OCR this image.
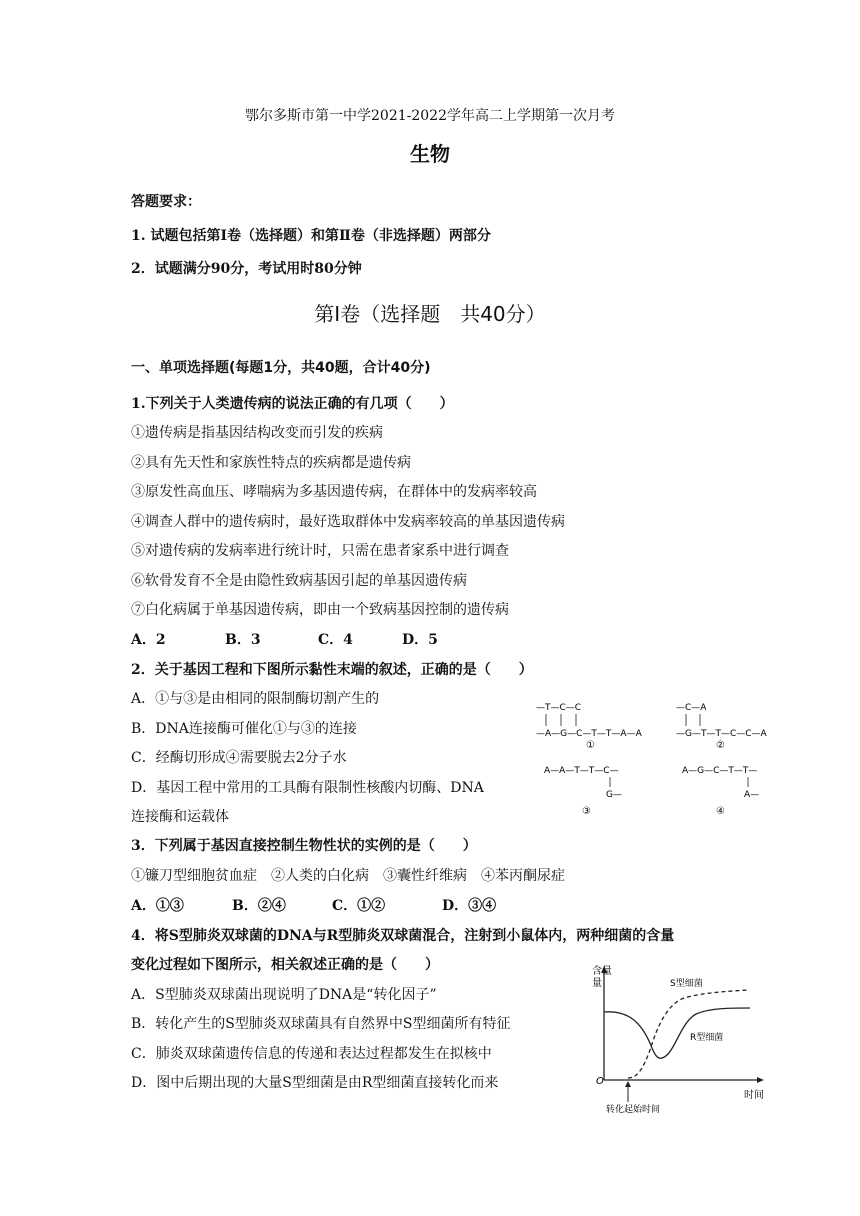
鄂尔多斯市第一中学2021-2022学年高二上学期第一次月考
生物
答题要求：
1. 试题包括第Ⅰ卷（选择题）和第Ⅱ卷（非选择题）两部分
2．试题满分90分，考试用时80分钟
第Ⅰ卷（选择题　共40分）
一、单项选择题(每题1分，共40题，合计40分)
1.下列关于人类遗传病的说法正确的有几项（　　）
①遗传病是指基因结构改变而引发的疾病
②具有先天性和家族性特点的疾病都是遗传病
③原发性高血压、哮喘病为多基因遗传病，在群体中的发病率较高
④调查人群中的遗传病时，最好选取群体中发病率较高的单基因遗传病
⑤对遗传病的发病率进行统计时，只需在患者家系中进行调查
⑥软骨发育不全是由隐性致病基因引起的单基因遗传病
⑦白化病属于单基因遗传病，即由一个致病基因控制的遗传病
A．2	B．3	C．4	D．5
2．关于基因工程和下图所示黏性末端的叙述，正确的是（　　）
A．①与③是由相同的限制酶切割产生的
B．DNA连接酶可催化①与③的连接
C．经酶切形成④需要脱去2分子水
D．基因工程中常用的工具酶有限制性核酸内切酶、DNA
连接酶和运载体
—T—C—C
—A—G—C—T—T—A—A
①
—C—A
—G—T—T—C—C—A
②
A—A—T—T—C—
G—
③
A—G—C—T—T—
A—
④
3．下列属于基因直接控制生物性状的实例的是（　　）
①镰刀型细胞贫血症　②人类的白化病　③囊性纤维病　④苯丙酮尿症
A．①③	B．②④	C．①②	D．③④
4．将S型肺炎双球菌的DNA与R型肺炎双球菌混合，注射到小鼠体内，两种细菌的含量
变化过程如下图所示，相关叙述正确的是（　　）
A．S型肺炎双球菌出现说明了DNA是“转化因子”
B．转化产生的S型肺炎双球菌具有自然界中S型细菌所有特征
C．肺炎双球菌遗传信息的传递和表达过程都发生在拟核中
D．图中后期出现的大量S型细菌是由R型细菌直接转化而来
含量
量
O
时间
S型细菌
R型细菌
转化起始时间
